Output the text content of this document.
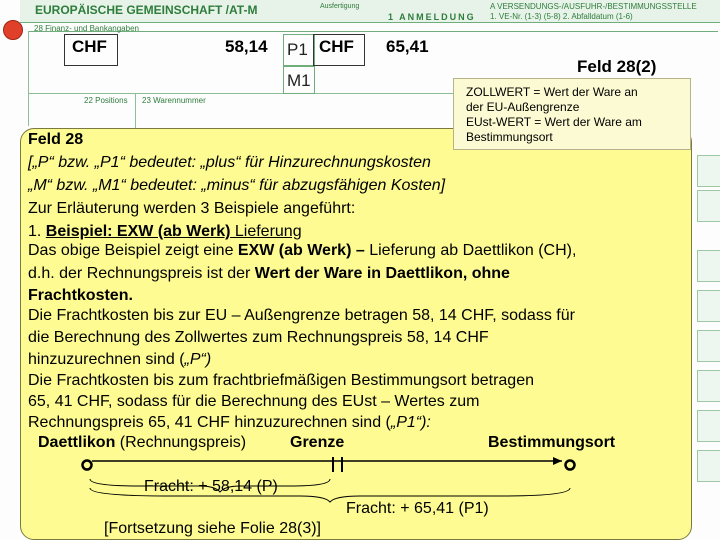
EUROPÄISCHE GEMEINSCHAFT /AT-M	Ausfertigung
1 ANMELDUNG
A VERSENDUNGS-/AUSFUHR-/BESTIMMUNGSSTELLE
1. VE-Nr. (1-3) (5-8) 2. Abfalldatum (1-6)
28 Finanz- und Bankangaben
22 Positions 23 Warennummer
CHF	58,14 P1 CHF 65,41
M1
Feld 28(2)
ZOLLWERT = Wert der Ware an
der EU-Außengrenze
EUst-WERT = Wert der Ware am
Bestimmungsort
Feld 28
[„P“ bzw. „P1“ bedeutet: „plus“ für Hinzurechnungskosten
„M“ bzw. „M1“ bedeutet: „minus“ für abzugsfähigen Kosten]
Zur Erläuterung werden 3 Beispiele angeführt:
1. Beispiel: EXW (ab Werk) Lieferung
Das obige Beispiel zeigt eine EXW (ab Werk) – Lieferung ab Daettlikon (CH),
d.h. der Rechnungspreis ist der Wert der Ware in Daettlikon, ohne
Frachtkosten.
Die Frachtkosten bis zur EU – Außengrenze betragen 58, 14 CHF, sodass für
die Berechnung des Zollwertes zum Rechnungspreis 58, 14 CHF
hinzuzurechnen sind („P“)
Die Frachtkosten bis zum frachtbriefmäßigen Bestimmungsort betragen
65, 41 CHF, sodass für die Berechnung des EUst – Wertes zum
Rechnungspreis 65, 41 CHF hinzuzurechnen sind („P1“):
Daettlikon (Rechnungspreis)	Grenze	Bestimmungsort
Fracht: + 58,14 (P)
Fracht: + 65,41 (P1)
[Fortsetzung siehe Folie 28(3)]
